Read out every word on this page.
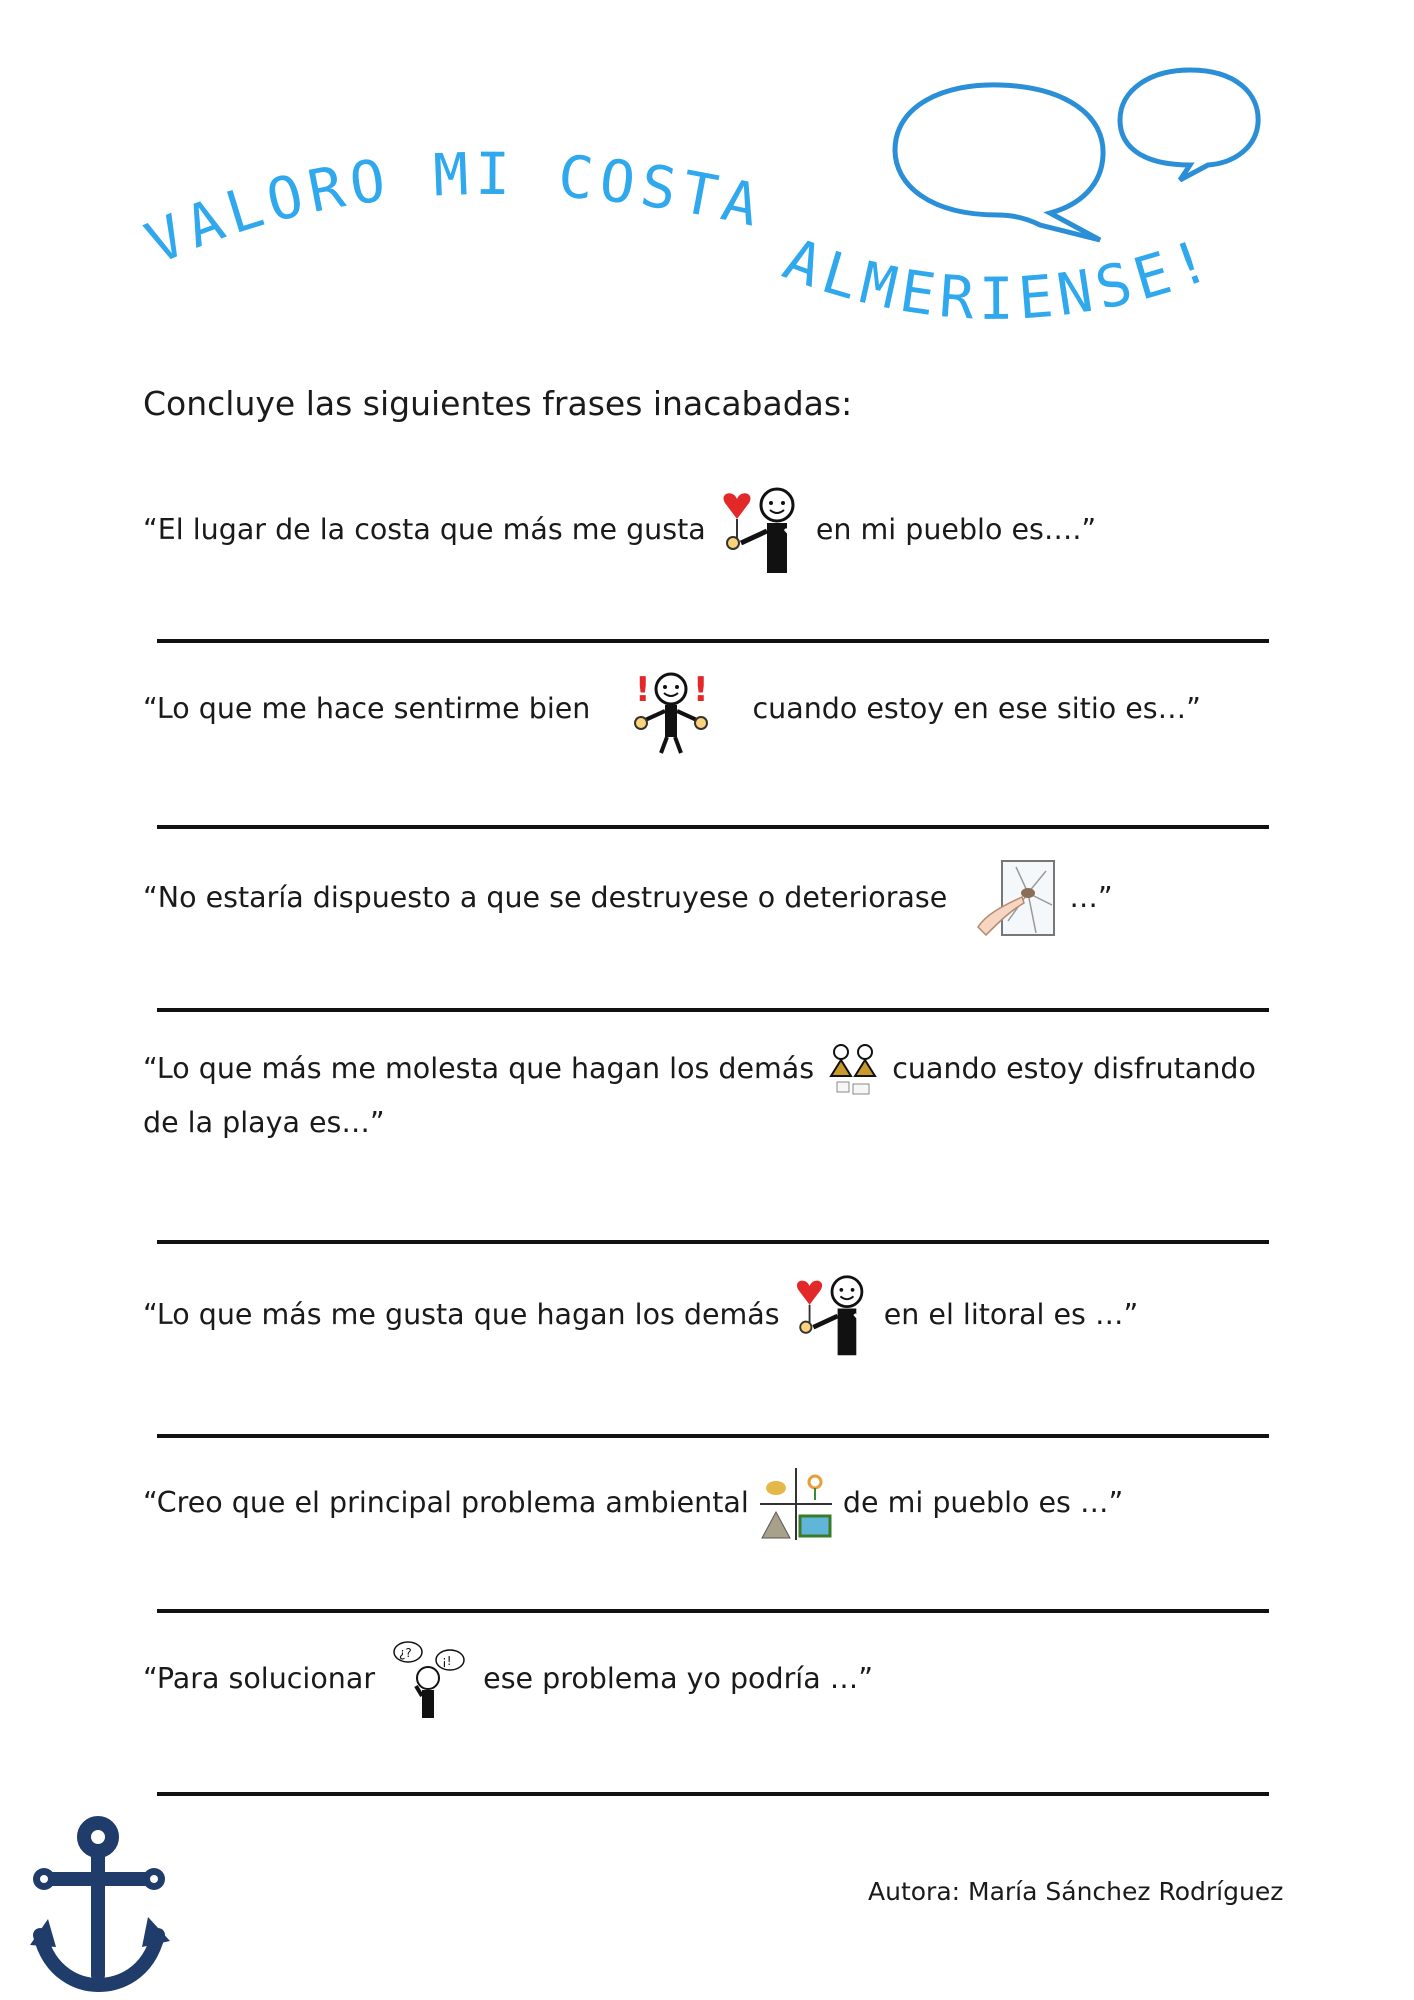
VALORO MI COSTA
ALMERIENSE!
Concluye las siguientes frases inacabadas:
“El lugar de la costa que más me gusta	en mi pueblo es….”
“Lo que me hace sentirme bien ! ! cuando estoy en ese sitio es…”
“No estaría dispuesto a que se destruyese o deteriorase	…”
“Lo que más me molesta que hagan los demás	cuando estoy disfrutando
de la playa es…”
“Lo que más me gusta que hagan los demás	en el litoral es …”
“Creo que el principal problema ambiental	de mi pueblo es …”
“Para solucionar
¿?
¡!
ese problema yo podría …”
Autora: María Sánchez Rodríguez
